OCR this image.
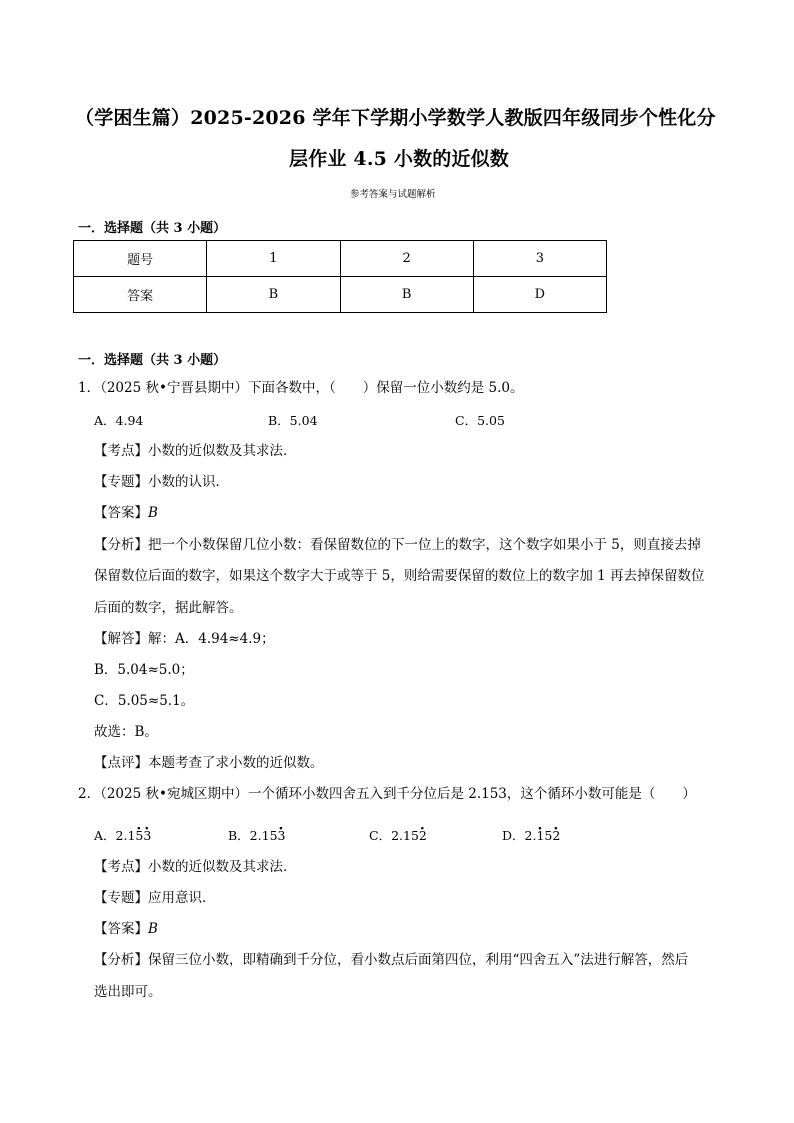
（学困生篇）2025-2026 学年下学期小学数学人教版四年级同步个性化分
层作业 4.5 小数的近似数
参考答案与试题解析
一．选择题（共 3 小题）
题号	1	2	3
答案	B	B	D
一．选择题（共 3 小题）
1．（2025 秋•宁晋县期中）下面各数中，（　　）保留一位小数约是 5.0。
A．4.94	B．5.04	C．5.05
【考点】小数的近似数及其求法．
【专题】小数的认识．
【答案】B
【分析】把一个小数保留几位小数：看保留数位的下一位上的数字，这个数字如果小于 5，则直接去掉
保留数位后面的数字，如果这个数字大于或等于 5，则给需要保留的数位上的数字加 1 再去掉保留数位
后面的数字，据此解答。
【解答】解：A．4.94≈4.9；
B．5.04≈5.0；
C．5.05≈5.1。
故选：B。
【点评】本题考查了求小数的近似数。
2．（2025 秋•宛城区期中）一个循环小数四舍五入到千分位后是 2.153，这个循环小数可能是（　　）
A．2.1· 5· 3	B．2.15· 3	C．2.15· 2	D．2.· 15· 2
【考点】小数的近似数及其求法．
【专题】应用意识．
【答案】B
【分析】保留三位小数，即精确到千分位，看小数点后面第四位，利用“四舍五入”法进行解答，然后
选出即可。
